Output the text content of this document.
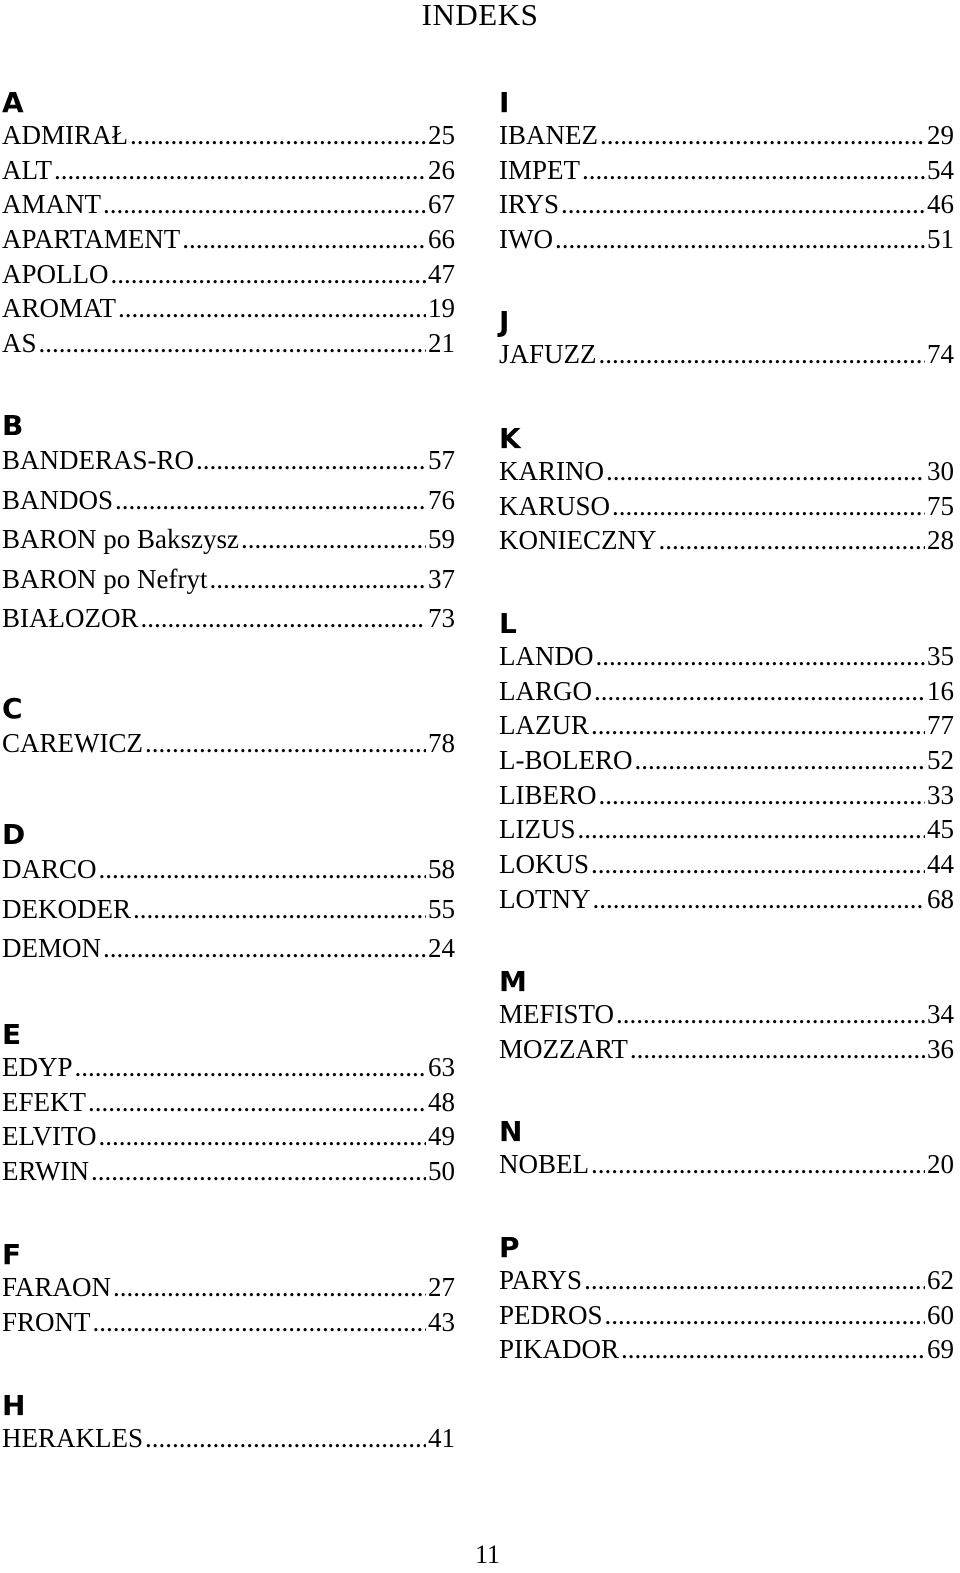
INDEKS
A
ADMIRAŁ .....	25
ALT .....	26
AMANT .....	67
APARTAMENT .....	66
APOLLO .....	47
AROMAT .....	19
AS .....	21
B
BANDERAS-RO .....	57
BANDOS .....	76
BARON po Bakszysz .....	59
BARON po Nefryt .....	37
BIAŁOZOR .....	73
C
CAREWICZ .....	78
D
DARCO .....	58
DEKODER .....	55
DEMON .....	24
E
EDYP .....	63
EFEKT .....	48
ELVITO .....	49
ERWIN .....	50
F
FARAON .....	27
FRONT .....	43
H
HERAKLES .....	41
I
IBANEZ .....	29
IMPET .....	54
IRYS .....	46
IWO .....	51
J
JAFUZZ .....	74
K
KARINO .....	30
KARUSO .....	75
KONIECZNY .....	28
L
LANDO .....	35
LARGO .....	16
LAZUR .....	77
L-BOLERO .....	52
LIBERO .....	33
LIZUS .....	45
LOKUS .....	44
LOTNY .....	68
M
MEFISTO .....	34
MOZZART .....	36
N
NOBEL .....	20
P
PARYS .....	62
PEDROS .....	60
PIKADOR .....	69
11
